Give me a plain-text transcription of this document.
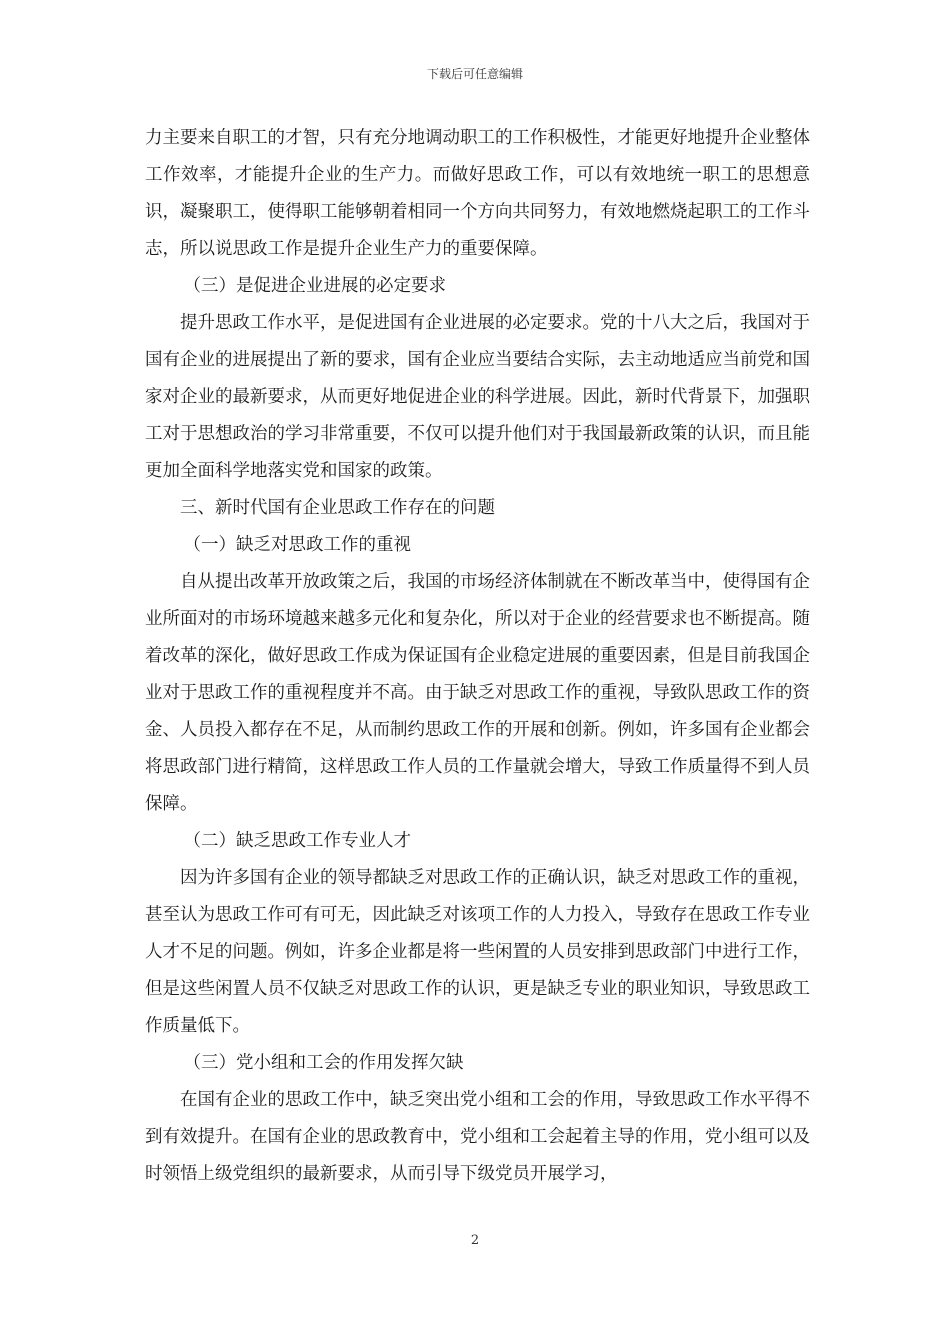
下载后可任意编辑

力主要来自职工的才智，只有充分地调动职工的工作积极性，才能更好地提升企业整体工作效率，才能提升企业的生产力。而做好思政工作，可以有效地统一职工的思想意识，凝聚职工，使得职工能够朝着相同一个方向共同努力，有效地燃烧起职工的工作斗志，所以说思政工作是提升企业生产力的重要保障。

（三）是促进企业进展的必定要求

提升思政工作水平，是促进国有企业进展的必定要求。党的十八大之后，我国对于国有企业的进展提出了新的要求，国有企业应当要结合实际，去主动地适应当前党和国家对企业的最新要求，从而更好地促进企业的科学进展。因此，新时代背景下，加强职工对于思想政治的学习非常重要，不仅可以提升他们对于我国最新政策的认识，而且能更加全面科学地落实党和国家的政策。

三、新时代国有企业思政工作存在的问题

（一）缺乏对思政工作的重视

自从提出改革开放政策之后，我国的市场经济体制就在不断改革当中，使得国有企业所面对的市场环境越来越多元化和复杂化，所以对于企业的经营要求也不断提高。随着改革的深化，做好思政工作成为保证国有企业稳定进展的重要因素，但是目前我国企业对于思政工作的重视程度并不高。由于缺乏对思政工作的重视，导致队思政工作的资金、人员投入都存在不足，从而制约思政工作的开展和创新。例如，许多国有企业都会将思政部门进行精简，这样思政工作人员的工作量就会增大，导致工作质量得不到人员保障。

（二）缺乏思政工作专业人才

因为许多国有企业的领导都缺乏对思政工作的正确认识，缺乏对思政工作的重视，甚至认为思政工作可有可无，因此缺乏对该项工作的人力投入，导致存在思政工作专业人才不足的问题。例如，许多企业都是将一些闲置的人员安排到思政部门中进行工作，但是这些闲置人员不仅缺乏对思政工作的认识，更是缺乏专业的职业知识，导致思政工作质量低下。

（三）党小组和工会的作用发挥欠缺

在国有企业的思政工作中，缺乏突出党小组和工会的作用，导致思政工作水平得不到有效提升。在国有企业的思政教育中，党小组和工会起着主导的作用，党小组可以及时领悟上级党组织的最新要求，从而引导下级党员开展学习，

2
